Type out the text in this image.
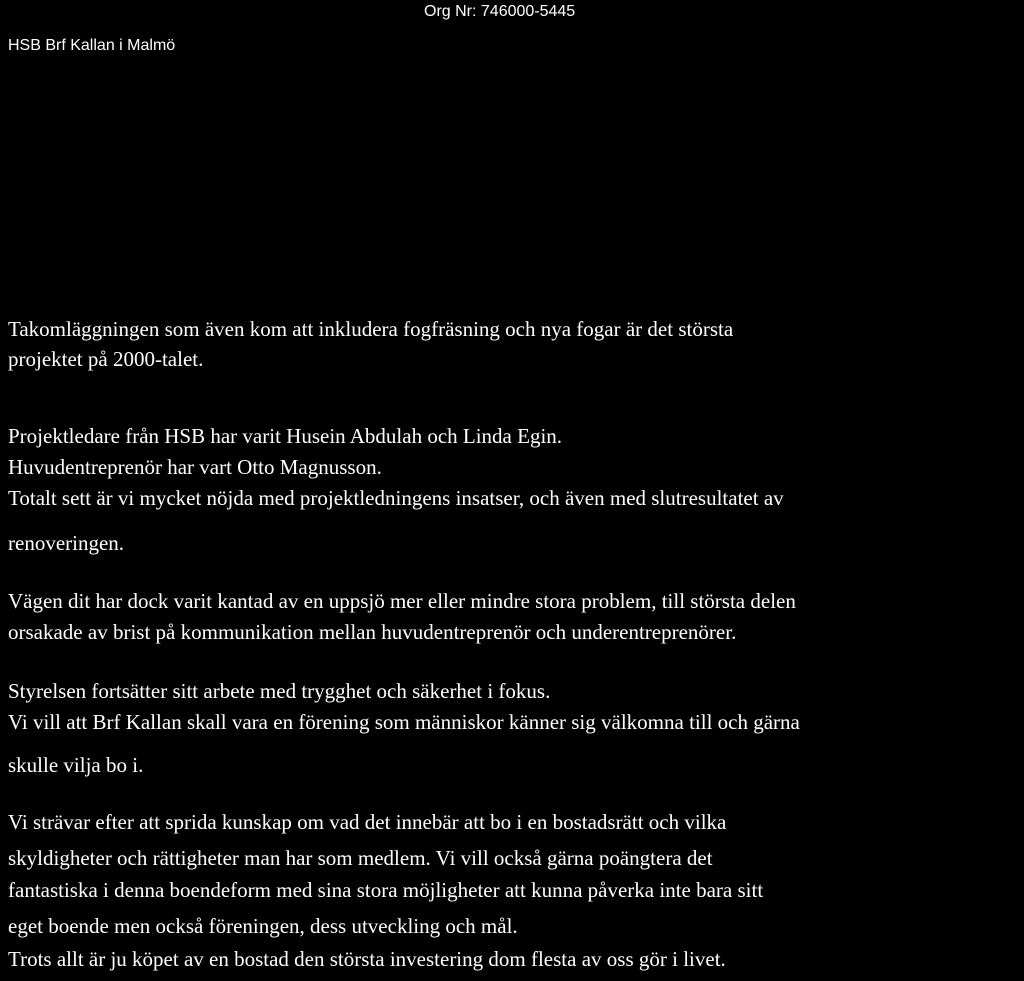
Org Nr: 746000-5445
HSB Brf Kallan i Malmö
Takomläggningen som även kom att inkludera fogfräsning och nya fogar är det största
projektet på 2000-talet.
Projektledare från HSB har varit Husein Abdulah och Linda Egin.
Huvudentreprenör har vart Otto Magnusson.
Totalt sett är vi mycket nöjda med projektledningens insatser, och även med slutresultatet av
renoveringen.
Vägen dit har dock varit kantad av en uppsjö mer eller mindre stora problem, till största delen
orsakade av brist på kommunikation mellan huvudentreprenör och underentreprenörer.
Styrelsen fortsätter sitt arbete med trygghet och säkerhet i fokus.
Vi vill att Brf Kallan skall vara en förening som människor känner sig välkomna till och gärna
skulle vilja bo i.
Vi strävar efter att sprida kunskap om vad det innebär att bo i en bostadsrätt och vilka
skyldigheter och rättigheter man har som medlem. Vi vill också gärna poängtera det
fantastiska i denna boendeform med sina stora möjligheter att kunna påverka inte bara sitt
eget boende men också föreningen, dess utveckling och mål.
Trots allt är ju köpet av en bostad den största investering dom flesta av oss gör i livet.
